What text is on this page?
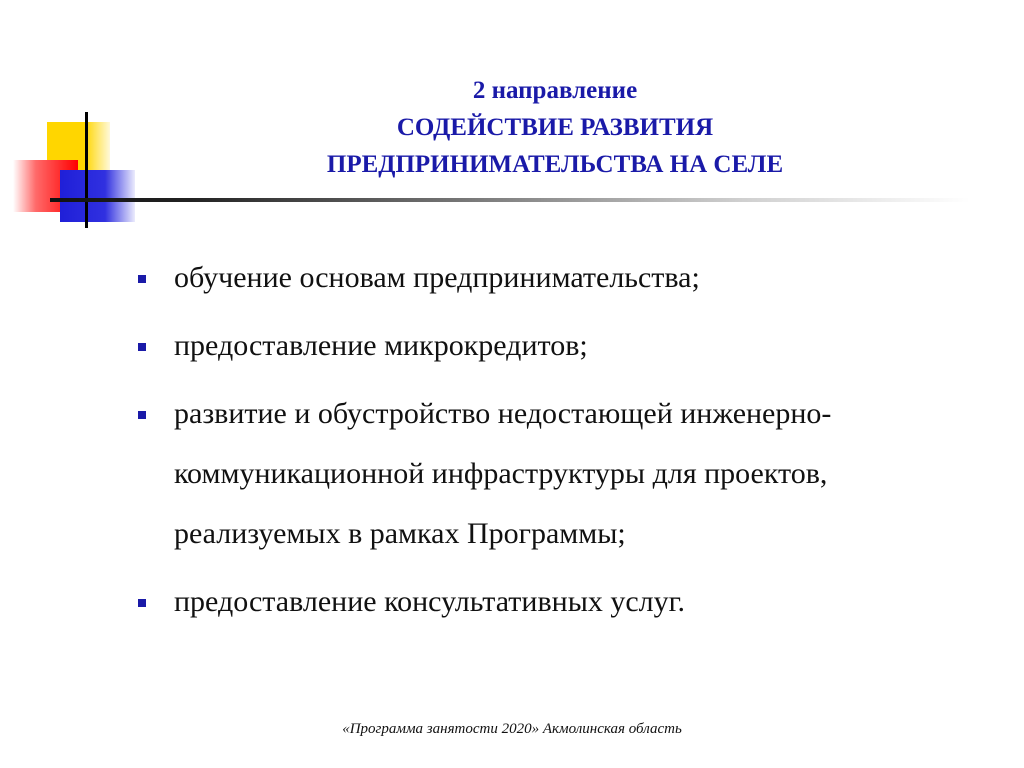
2 направление
СОДЕЙСТВИЕ РАЗВИТИЯ
ПРЕДПРИНИМАТЕЛЬСТВА НА СЕЛЕ
обучение основам предпринимательства;
предоставление микрокредитов;
развитие и обустройство недостающей инженерно-коммуникационной инфраструктуры для проектов, реализуемых в рамках Программы;
предоставление консультативных услуг.
«Программа занятости 2020» Акмолинская область
